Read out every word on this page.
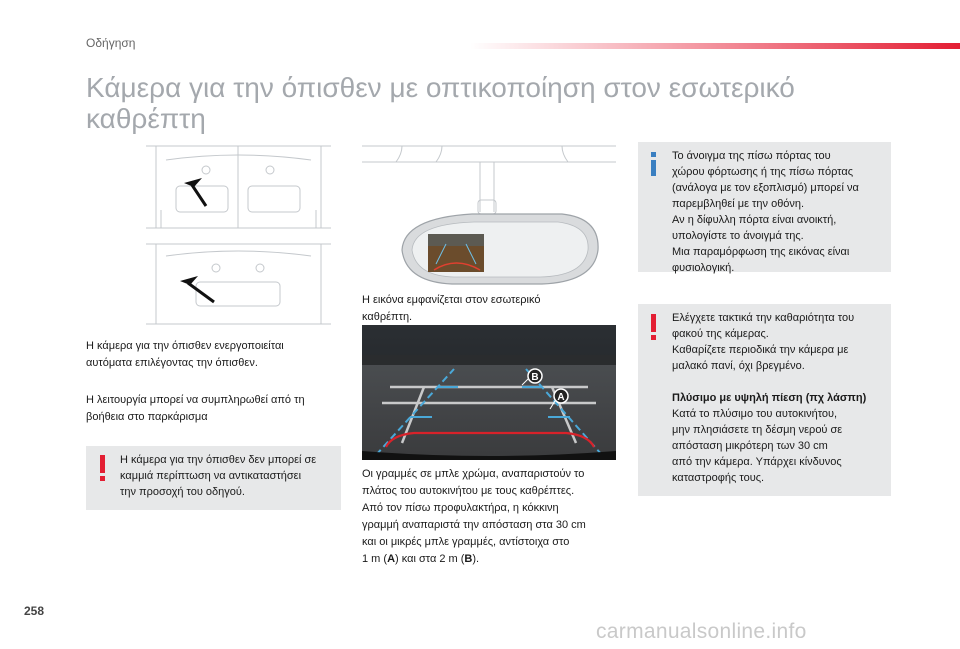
Οδήγηση
Κάμερα για την όπισθεν με οπτικοποίηση στον εσωτερικό
καθρέπτη

Η κάμερα για την όπισθεν ενεργοποιείται
αυτόματα επιλέγοντας την όπισθεν.

Η λειτουργία μπορεί να συμπληρωθεί από τη
βοήθεια στο παρκάρισμα

Η κάμερα για την όπισθεν δεν μπορεί σε
καμμιά περίπτωση να αντικαταστήσει
την προσοχή του οδηγού.

Η εικόνα εμφανίζεται στον εσωτερικό
καθρέπτη.

B
A

Οι γραμμές σε μπλε χρώμα, αναπαριστούν το
πλάτος του αυτοκινήτου με τους καθρέπτες.
Από τον πίσω προφυλακτήρα, η κόκκινη
γραμμή αναπαριστά την απόσταση στα 30 cm
και οι μικρές μπλε γραμμές, αντίστοιχα στο
1 m (A) και στα 2 m (B).

Το άνοιγμα της πίσω πόρτας του
χώρου φόρτωσης ή της πίσω πόρτας
(ανάλογα με τον εξοπλισμό) μπορεί να
παρεμβληθεί με την οθόνη.
Αν η δίφυλλη πόρτα είναι ανοικτή,
υπολογίστε το άνοιγμά της.
Μια παραμόρφωση της εικόνας είναι
φυσιολογική.

Ελέγχετε τακτικά την καθαριότητα του
φακού της κάμερας.
Καθαρίζετε περιοδικά την κάμερα με
μαλακό πανί, όχι βρεγμένο.

Πλύσιμο με υψηλή πίεση (πχ λάσπη)
Κατά το πλύσιμο του αυτοκινήτου,
μην πλησιάσετε τη δέσμη νερού σε
απόσταση μικρότερη των 30 cm
από την κάμερα. Υπάρχει κίνδυνος
καταστροφής τους.

258
carmanualsonline.info
